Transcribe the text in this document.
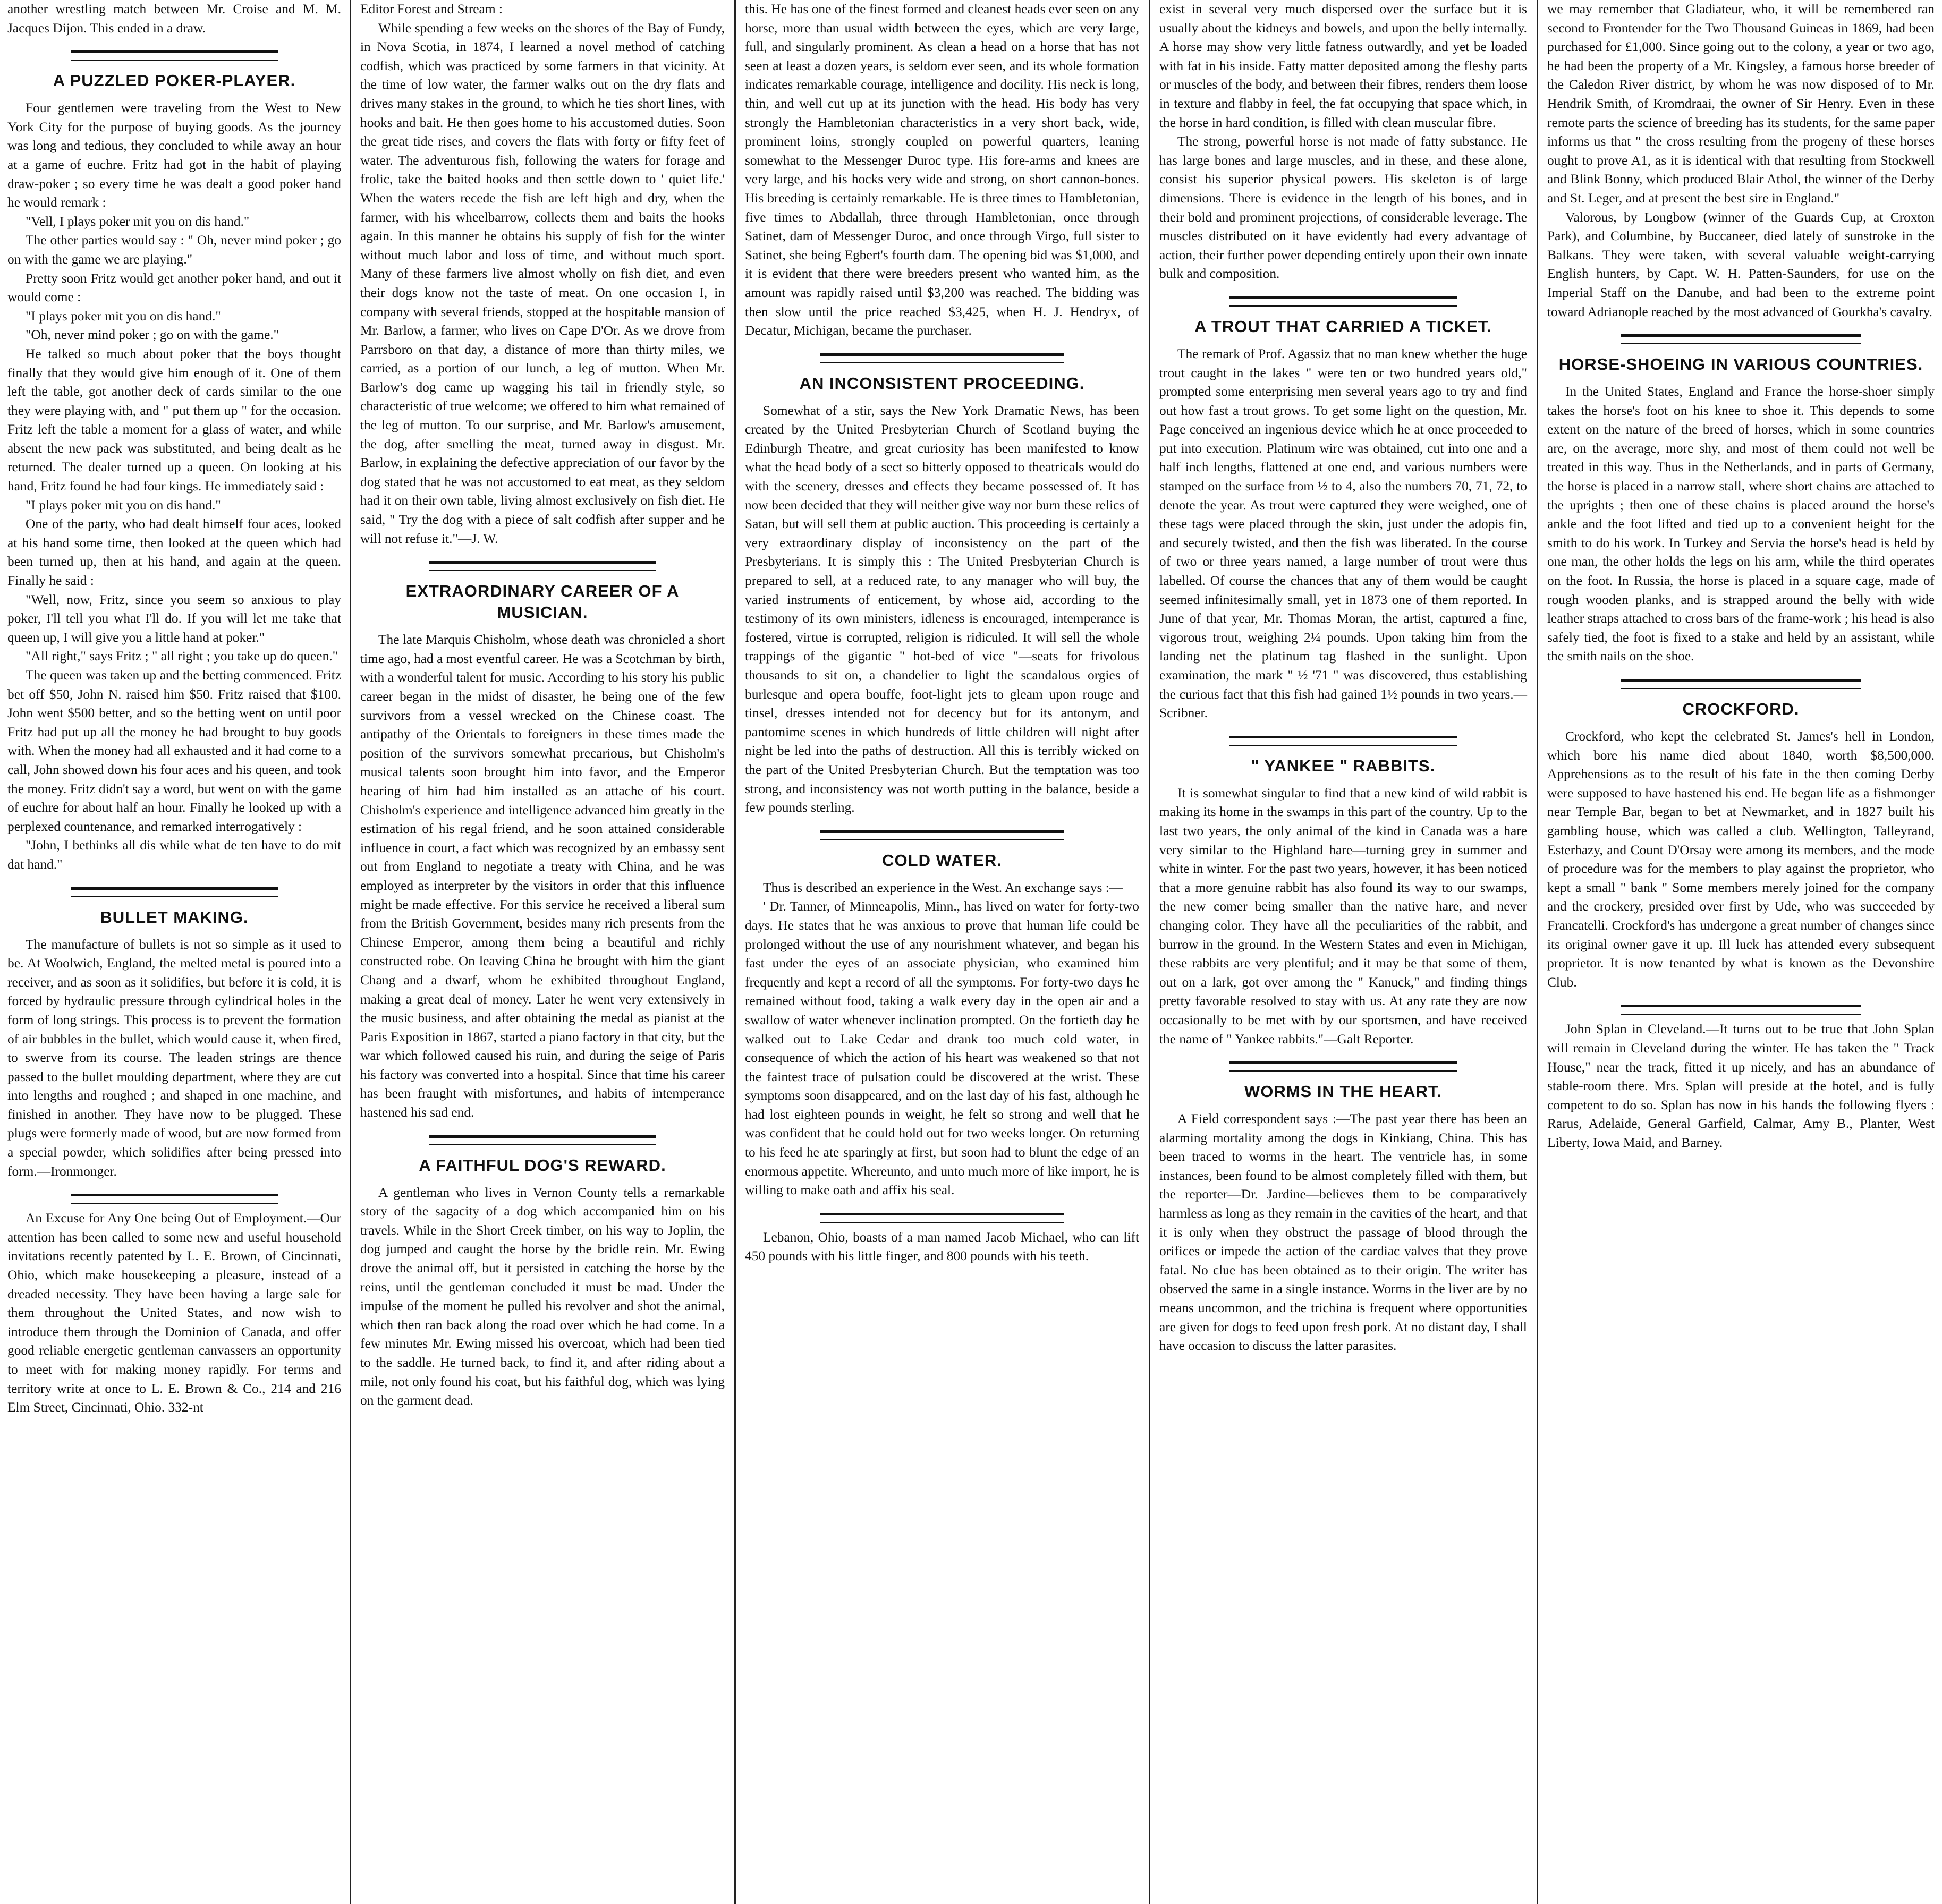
another wrestling match between Mr. Croise and M. M. Jacques Dijon. This ended in a draw.

A PUZZLED POKER-PLAYER.

Four gentlemen were traveling from the West to New York City for the purpose of buying goods. As the journey was long and tedious, they concluded to while away an hour at a game of euchre. Fritz had got in the habit of playing draw-poker ; so every time he was dealt a good poker hand he would remark :

"Vell, I plays poker mit you on dis hand."

The other parties would say : " Oh, never mind poker ; go on with the game we are playing."

Pretty soon Fritz would get another poker hand, and out it would come :

"I plays poker mit you on dis hand."

"Oh, never mind poker ; go on with the game."

He talked so much about poker that the boys thought finally that they would give him enough of it. One of them left the table, got another deck of cards similar to the one they were playing with, and " put them up " for the occasion. Fritz left the table a moment for a glass of water, and while absent the new pack was substituted, and being dealt as he returned. The dealer turned up a queen. On looking at his hand, Fritz found he had four kings. He immediately said :

"I plays poker mit you on dis hand."

One of the party, who had dealt himself four aces, looked at his hand some time, then looked at the queen which had been turned up, then at his hand, and again at the queen. Finally he said :

"Well, now, Fritz, since you seem so anxious to play poker, I'll tell you what I'll do. If you will let me take that queen up, I will give you a little hand at poker."

"All right," says Fritz ; " all right ; you take up do queen."

The queen was taken up and the betting commenced. Fritz bet off $50, John N. raised him $50. Fritz raised that $100. John went $500 better, and so the betting went on until poor Fritz had put up all the money he had brought to buy goods with. When the money had all exhausted and it had come to a call, John showed down his four aces and his queen, and took the money. Fritz didn't say a word, but went on with the game of euchre for about half an hour. Finally he looked up with a perplexed countenance, and remarked interrogatively :

"John, I bethinks all dis while what de ten have to do mit dat hand."

BULLET MAKING.

The manufacture of bullets is not so simple as it used to be. At Woolwich, England, the melted metal is poured into a receiver, and as soon as it solidifies, but before it is cold, it is forced by hydraulic pressure through cylindrical holes in the form of long strings. This process is to prevent the formation of air bubbles in the bullet, which would cause it, when fired, to swerve from its course. The leaden strings are thence passed to the bullet moulding department, where they are cut into lengths and roughed ; and shaped in one machine, and finished in another. They have now to be plugged. These plugs were formerly made of wood, but are now formed from a special powder, which solidifies after being pressed into form.—Ironmonger.

An Excuse for Any One being Out of Employment.—Our attention has been called to some new and useful household invitations recently patented by L. E. Brown, of Cincinnati, Ohio, which make housekeeping a pleasure, instead of a dreaded necessity. They have been having a large sale for them throughout the United States, and now wish to introduce them through the Dominion of Canada, and offer good reliable energetic gentleman canvassers an opportunity to meet with for making money rapidly. For terms and territory write at once to L. E. Brown & Co., 214 and 216 Elm Street, Cincinnati, Ohio. 332-nt

Editor Forest and Stream :

While spending a few weeks on the shores of the Bay of Fundy, in Nova Scotia, in 1874, I learned a novel method of catching codfish, which was practiced by some farmers in that vicinity. At the time of low water, the farmer walks out on the dry flats and drives many stakes in the ground, to which he ties short lines, with hooks and bait. He then goes home to his accustomed duties. Soon the great tide rises, and covers the flats with forty or fifty feet of water. The adventurous fish, following the waters for forage and frolic, take the baited hooks and then settle down to ' quiet life.' When the waters recede the fish are left high and dry, when the farmer, with his wheelbarrow, collects them and baits the hooks again. In this manner he obtains his supply of fish for the winter without much labor and loss of time, and without much sport. Many of these farmers live almost wholly on fish diet, and even their dogs know not the taste of meat. On one occasion I, in company with several friends, stopped at the hospitable mansion of Mr. Barlow, a farmer, who lives on Cape D'Or. As we drove from Parrsboro on that day, a distance of more than thirty miles, we carried, as a portion of our lunch, a leg of mutton. When Mr. Barlow's dog came up wagging his tail in friendly style, so characteristic of true welcome; we offered to him what remained of the leg of mutton. To our surprise, and Mr. Barlow's amusement, the dog, after smelling the meat, turned away in disgust. Mr. Barlow, in explaining the defective appreciation of our favor by the dog stated that he was not accustomed to eat meat, as they seldom had it on their own table, living almost exclusively on fish diet. He said, " Try the dog with a piece of salt codfish after supper and he will not refuse it."—J. W.

EXTRAORDINARY CAREER OF A MUSICIAN.

The late Marquis Chisholm, whose death was chronicled a short time ago, had a most eventful career. He was a Scotchman by birth, with a wonderful talent for music. According to his story his public career began in the midst of disaster, he being one of the few survivors from a vessel wrecked on the Chinese coast. The antipathy of the Orientals to foreigners in these times made the position of the survivors somewhat precarious, but Chisholm's musical talents soon brought him into favor, and the Emperor hearing of him had him installed as an attache of his court. Chisholm's experience and intelligence advanced him greatly in the estimation of his regal friend, and he soon attained considerable influence in court, a fact which was recognized by an embassy sent out from England to negotiate a treaty with China, and he was employed as interpreter by the visitors in order that this influence might be made effective. For this service he received a liberal sum from the British Government, besides many rich presents from the Chinese Emperor, among them being a beautiful and richly constructed robe. On leaving China he brought with him the giant Chang and a dwarf, whom he exhibited throughout England, making a great deal of money. Later he went very extensively in the music business, and after obtaining the medal as pianist at the Paris Exposition in 1867, started a piano factory in that city, but the war which followed caused his ruin, and during the seige of Paris his factory was converted into a hospital. Since that time his career has been fraught with misfortunes, and habits of intemperance hastened his sad end.

A FAITHFUL DOG'S REWARD.

A gentleman who lives in Vernon County tells a remarkable story of the sagacity of a dog which accompanied him on his travels. While in the Short Creek timber, on his way to Joplin, the dog jumped and caught the horse by the bridle rein. Mr. Ewing drove the animal off, but it persisted in catching the horse by the reins, until the gentleman concluded it must be mad. Under the impulse of the moment he pulled his revolver and shot the animal, which then ran back along the road over which he had come. In a few minutes Mr. Ewing missed his overcoat, which had been tied to the saddle. He turned back, to find it, and after riding about a mile, not only found his coat, but his faithful dog, which was lying on the garment dead.

this. He has one of the finest formed and cleanest heads ever seen on any horse, more than usual width between the eyes, which are very large, full, and singularly prominent. As clean a head on a horse that has not seen at least a dozen years, is seldom ever seen, and its whole formation indicates remarkable courage, intelligence and docility. His neck is long, thin, and well cut up at its junction with the head. His body has very strongly the Hambletonian characteristics in a very short back, wide, prominent loins, strongly coupled on powerful quarters, leaning somewhat to the Messenger Duroc type. His fore-arms and knees are very large, and his hocks very wide and strong, on short cannon-bones. His breeding is certainly remarkable. He is three times to Hambletonian, five times to Abdallah, three through Hambletonian, once through Satinet, dam of Messenger Duroc, and once through Virgo, full sister to Satinet, she being Egbert's fourth dam. The opening bid was $1,000, and it is evident that there were breeders present who wanted him, as the amount was rapidly raised until $3,200 was reached. The bidding was then slow until the price reached $3,425, when H. J. Hendryx, of Decatur, Michigan, became the purchaser.

AN INCONSISTENT PROCEEDING.

Somewhat of a stir, says the New York Dramatic News, has been created by the United Presbyterian Church of Scotland buying the Edinburgh Theatre, and great curiosity has been manifested to know what the head body of a sect so bitterly opposed to theatricals would do with the scenery, dresses and effects they became possessed of. It has now been decided that they will neither give way nor burn these relics of Satan, but will sell them at public auction. This proceeding is certainly a very extraordinary display of inconsistency on the part of the Presbyterians. It is simply this : The United Presbyterian Church is prepared to sell, at a reduced rate, to any manager who will buy, the varied instruments of enticement, by whose aid, according to the testimony of its own ministers, idleness is encouraged, intemperance is fostered, virtue is corrupted, religion is ridiculed. It will sell the whole trappings of the gigantic " hot-bed of vice "—seats for frivolous thousands to sit on, a chandelier to light the scandalous orgies of burlesque and opera bouffe, foot-light jets to gleam upon rouge and tinsel, dresses intended not for decency but for its antonym, and pantomime scenes in which hundreds of little children will night after night be led into the paths of destruction. All this is terribly wicked on the part of the United Presbyterian Church. But the temptation was too strong, and inconsistency was not worth putting in the balance, beside a few pounds sterling.

COLD WATER.

Thus is described an experience in the West. An exchange says :—

' Dr. Tanner, of Minneapolis, Minn., has lived on water for forty-two days. He states that he was anxious to prove that human life could be prolonged without the use of any nourishment whatever, and began his fast under the eyes of an associate physician, who examined him frequently and kept a record of all the symptoms. For forty-two days he remained without food, taking a walk every day in the open air and a swallow of water whenever inclination prompted. On the fortieth day he walked out to Lake Cedar and drank too much cold water, in consequence of which the action of his heart was weakened so that not the faintest trace of pulsation could be discovered at the wrist. These symptoms soon disappeared, and on the last day of his fast, although he had lost eighteen pounds in weight, he felt so strong and well that he was confident that he could hold out for two weeks longer. On returning to his feed he ate sparingly at first, but soon had to blunt the edge of an enormous appetite. Whereunto, and unto much more of like import, he is willing to make oath and affix his seal.

Lebanon, Ohio, boasts of a man named Jacob Michael, who can lift 450 pounds with his little finger, and 800 pounds with his teeth.

exist in several very much dispersed over the surface but it is usually about the kidneys and bowels, and upon the belly internally. A horse may show very little fatness outwardly, and yet be loaded with fat in his inside. Fatty matter deposited among the fleshy parts or muscles of the body, and between their fibres, renders them loose in texture and flabby in feel, the fat occupying that space which, in the horse in hard condition, is filled with clean muscular fibre.

The strong, powerful horse is not made of fatty substance. He has large bones and large muscles, and in these, and these alone, consist his superior physical powers. His skeleton is of large dimensions. There is evidence in the length of his bones, and in their bold and prominent projections, of considerable leverage. The muscles distributed on it have evidently had every advantage of action, their further power depending entirely upon their own innate bulk and composition.

A TROUT THAT CARRIED A TICKET.

The remark of Prof. Agassiz that no man knew whether the huge trout caught in the lakes " were ten or two hundred years old," prompted some enterprising men several years ago to try and find out how fast a trout grows. To get some light on the question, Mr. Page conceived an ingenious device which he at once proceeded to put into execution. Platinum wire was obtained, cut into one and a half inch lengths, flattened at one end, and various numbers were stamped on the surface from ½ to 4, also the numbers 70, 71, 72, to denote the year. As trout were captured they were weighed, one of these tags were placed through the skin, just under the adopis fin, and securely twisted, and then the fish was liberated. In the course of two or three years named, a large number of trout were thus labelled. Of course the chances that any of them would be caught seemed infinitesimally small, yet in 1873 one of them reported. In June of that year, Mr. Thomas Moran, the artist, captured a fine, vigorous trout, weighing 2¼ pounds. Upon taking him from the landing net the platinum tag flashed in the sunlight. Upon examination, the mark " ½ '71 " was discovered, thus establishing the curious fact that this fish had gained 1½ pounds in two years.—Scribner.

" YANKEE " RABBITS.

It is somewhat singular to find that a new kind of wild rabbit is making its home in the swamps in this part of the country. Up to the last two years, the only animal of the kind in Canada was a hare very similar to the Highland hare—turning grey in summer and white in winter. For the past two years, however, it has been noticed that a more genuine rabbit has also found its way to our swamps, the new comer being smaller than the native hare, and never changing color. They have all the peculiarities of the rabbit, and burrow in the ground. In the Western States and even in Michigan, these rabbits are very plentiful; and it may be that some of them, out on a lark, got over among the " Kanuck," and finding things pretty favorable resolved to stay with us. At any rate they are now occasionally to be met with by our sportsmen, and have received the name of " Yankee rabbits."—Galt Reporter.

WORMS IN THE HEART.

A Field correspondent says :—The past year there has been an alarming mortality among the dogs in Kinkiang, China. This has been traced to worms in the heart. The ventricle has, in some instances, been found to be almost completely filled with them, but the reporter—Dr. Jardine—believes them to be comparatively harmless as long as they remain in the cavities of the heart, and that it is only when they obstruct the passage of blood through the orifices or impede the action of the cardiac valves that they prove fatal. No clue has been obtained as to their origin. The writer has observed the same in a single instance. Worms in the liver are by no means uncommon, and the trichina is frequent where opportunities are given for dogs to feed upon fresh pork. At no distant day, I shall have occasion to discuss the latter parasites.

we may remember that Gladiateur, who, it will be remembered ran second to Frontender for the Two Thousand Guineas in 1869, had been purchased for £1,000. Since going out to the colony, a year or two ago, he had been the property of a Mr. Kingsley, a famous horse breeder of the Caledon River district, by whom he was now disposed of to Mr. Hendrik Smith, of Kromdraai, the owner of Sir Henry. Even in these remote parts the science of breeding has its students, for the same paper informs us that " the cross resulting from the progeny of these horses ought to prove A1, as it is identical with that resulting from Stockwell and Blink Bonny, which produced Blair Athol, the winner of the Derby and St. Leger, and at present the best sire in England."

Valorous, by Longbow (winner of the Guards Cup, at Croxton Park), and Columbine, by Buccaneer, died lately of sunstroke in the Balkans. They were taken, with several valuable weight-carrying English hunters, by Capt. W. H. Patten-Saunders, for use on the Imperial Staff on the Danube, and had been to the extreme point toward Adrianople reached by the most advanced of Gourkha's cavalry.

HORSE-SHOEING IN VARIOUS COUNTRIES.

In the United States, England and France the horse-shoer simply takes the horse's foot on his knee to shoe it. This depends to some extent on the nature of the breed of horses, which in some countries are, on the average, more shy, and most of them could not well be treated in this way. Thus in the Netherlands, and in parts of Germany, the horse is placed in a narrow stall, where short chains are attached to the uprights ; then one of these chains is placed around the horse's ankle and the foot lifted and tied up to a convenient height for the smith to do his work. In Turkey and Servia the horse's head is held by one man, the other holds the legs on his arm, while the third operates on the foot. In Russia, the horse is placed in a square cage, made of rough wooden planks, and is strapped around the belly with wide leather straps attached to cross bars of the frame-work ; his head is also safely tied, the foot is fixed to a stake and held by an assistant, while the smith nails on the shoe.

CROCKFORD.

Crockford, who kept the celebrated St. James's hell in London, which bore his name died about 1840, worth $8,500,000. Apprehensions as to the result of his fate in the then coming Derby were supposed to have hastened his end. He began life as a fishmonger near Temple Bar, began to bet at Newmarket, and in 1827 built his gambling house, which was called a club. Wellington, Talleyrand, Esterhazy, and Count D'Orsay were among its members, and the mode of procedure was for the members to play against the proprietor, who kept a small " bank " Some members merely joined for the company and the crockery, presided over first by Ude, who was succeeded by Francatelli. Crockford's has undergone a great number of changes since its original owner gave it up. Ill luck has attended every subsequent proprietor. It is now tenanted by what is known as the Devonshire Club.

John Splan in Cleveland.—It turns out to be true that John Splan will remain in Cleveland during the winter. He has taken the " Track House," near the track, fitted it up nicely, and has an abundance of stable-room there. Mrs. Splan will preside at the hotel, and is fully competent to do so. Splan has now in his hands the following flyers : Rarus, Adelaide, General Garfield, Calmar, Amy B., Planter, West Liberty, Iowa Maid, and Barney.
